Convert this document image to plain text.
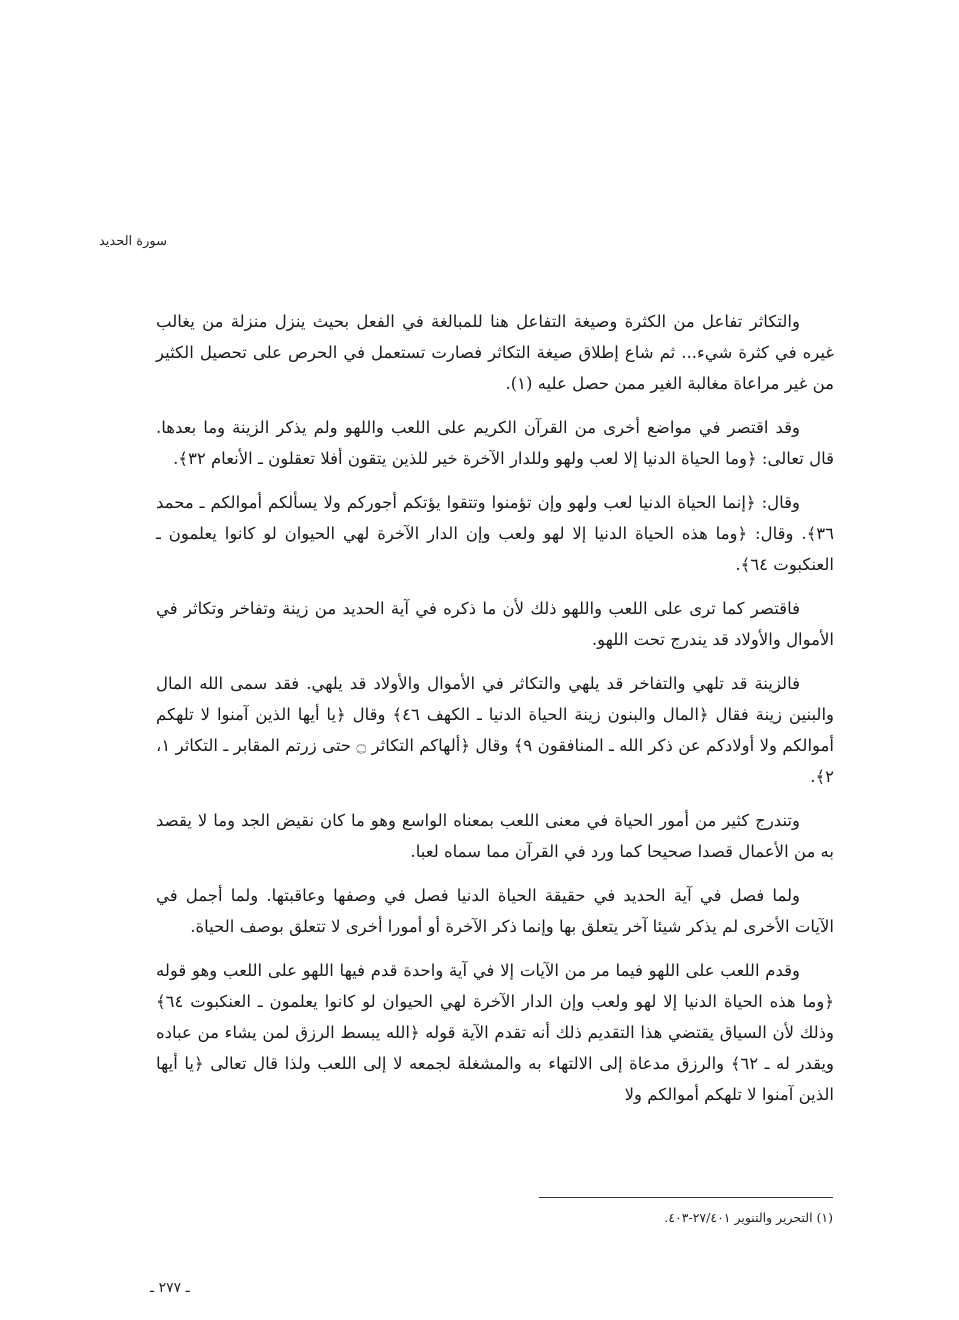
سورة الحديد

والتكاثر تفاعل من الكثرة وصيغة التفاعل هنا للمبالغة في الفعل بحيث ينزل منزلة من يغالب غيره في كثرة شيء... ثم شاع إطلاق صيغة التكاثر فصارت تستعمل في الحرص على تحصيل الكثير من غير مراعاة مغالبة الغير ممن حصل عليه (١).

وقد اقتصر في مواضع أخرى من القرآن الكريم على اللعب واللهو ولم يذكر الزينة وما بعدها. قال تعالى: ﴿وما الحياة الدنيا إلا لعب ولهو وللدار الآخرة خير للذين يتقون أفلا تعقلون ـ الأنعام ٣٢﴾.

وقال: ﴿إنما الحياة الدنيا لعب ولهو وإن تؤمنوا وتتقوا يؤتكم أجوركم ولا يسألكم أموالكم ـ محمد ٣٦﴾. وقال: ﴿وما هذه الحياة الدنيا إلا لهو ولعب وإن الدار الآخرة لهي الحيوان لو كانوا يعلمون ـ العنكبوت ٦٤﴾.

فاقتصر كما ترى على اللعب واللهو ذلك لأن ما ذكره في آية الحديد من زينة وتفاخر وتكاثر في الأموال والأولاد قد يندرج تحت اللهو.

فالزينة قد تلهي والتفاخر قد يلهي والتكاثر في الأموال والأولاد قد يلهي. فقد سمى الله المال والبنين زينة فقال ﴿المال والبنون زينة الحياة الدنيا ـ الكهف ٤٦﴾ وقال ﴿يا أيها الذين آمنوا لا تلهكم أموالكم ولا أولادكم عن ذكر الله ـ المنافقون ٩﴾ وقال ﴿ألهاكم التكاثر ۝ حتى زرتم المقابر ـ التكاثر ١، ٢﴾.

وتندرج كثير من أمور الحياة في معنى اللعب بمعناه الواسع وهو ما كان نقيض الجد وما لا يقصد به من الأعمال قصدا صحيحا كما ورد في القرآن مما سماه لعبا.

ولما فصل في آية الحديد في حقيقة الحياة الدنيا فصل في وصفها وعاقبتها. ولما أجمل في الآيات الأخرى لم يذكر شيئا آخر يتعلق بها وإنما ذكر الآخرة أو أمورا أخرى لا تتعلق بوصف الحياة.

وقدم اللعب على اللهو فيما مر من الآيات إلا في آية واحدة قدم فيها اللهو على اللعب وهو قوله ﴿وما هذه الحياة الدنيا إلا لهو ولعب وإن الدار الآخرة لهي الحيوان لو كانوا يعلمون ـ العنكبوت ٦٤﴾ وذلك لأن السياق يقتضي هذا التقديم ذلك أنه تقدم الآية قوله ﴿الله يبسط الرزق لمن يشاء من عباده ويقدر له ـ ٦٢﴾ والرزق مدعاة إلى الالتهاء به والمشغلة لجمعه لا إلى اللعب ولذا قال تعالى ﴿يا أيها الذين آمنوا لا تلهكم أموالكم ولا

(١) التحرير والتنوير ٢٧/٤٠١-٤٠٣.
ـ ٢٧٧ ـ
